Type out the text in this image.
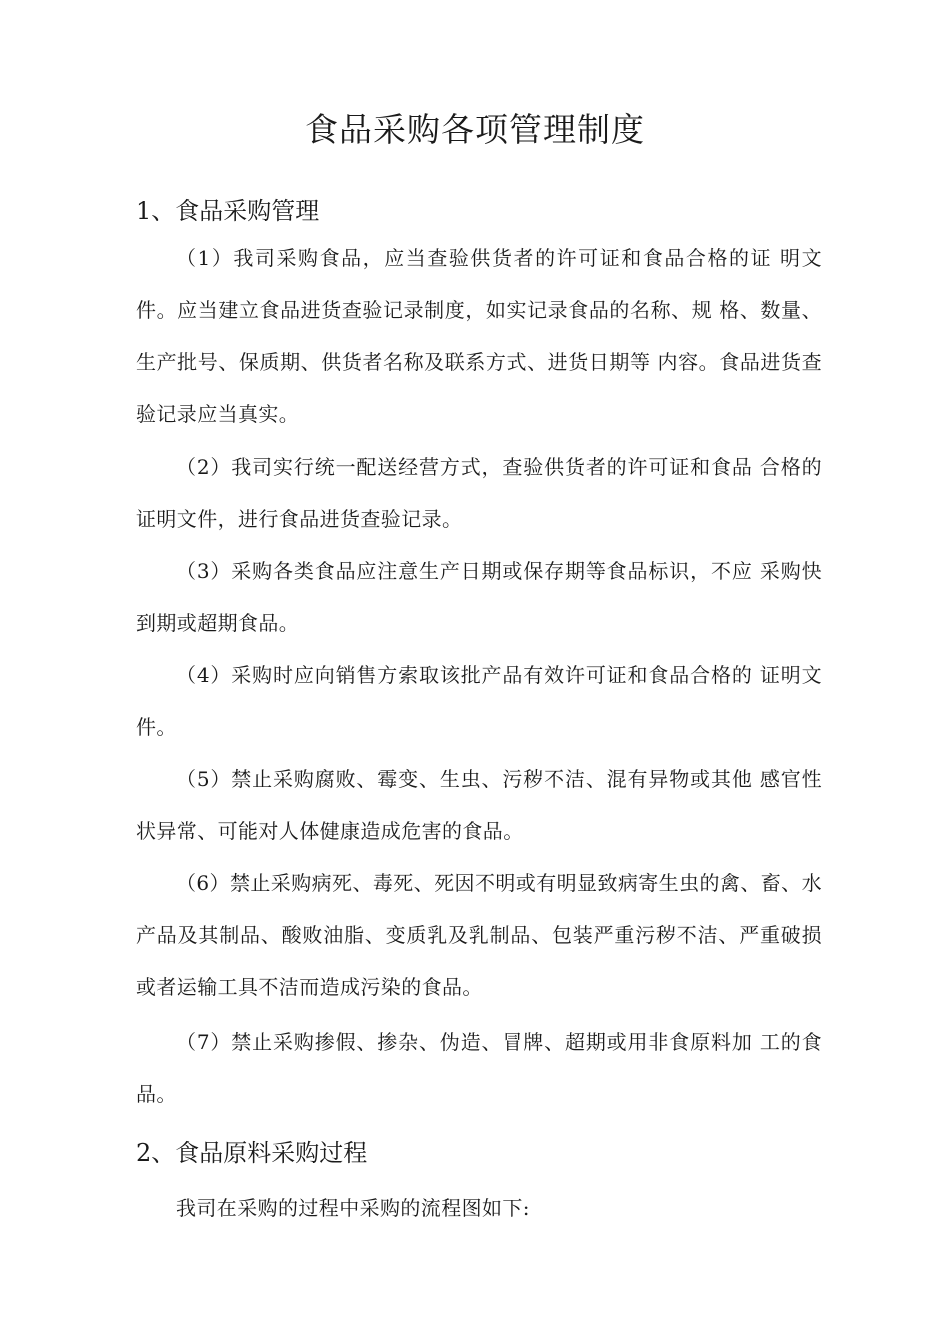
食品采购各项管理制度
1、食品采购管理

（1）我司采购食品，应当查验供货者的许可证和食品合格的证 明文件。应当建立食品进货查验记录制度，如实记录食品的名称、规 格、数量、生产批号、保质期、供货者名称及联系方式、进货日期等 内容。食品进货查验记录应当真实。

（2）我司实行统一配送经营方式，查验供货者的许可证和食品 合格的证明文件，进行食品进货查验记录。

（3）采购各类食品应注意生产日期或保存期等食品标识，不应 采购快到期或超期食品。

（4）采购时应向销售方索取该批产品有效许可证和食品合格的 证明文件。

（5）禁止采购腐败、霉变、生虫、污秽不洁、混有异物或其他 感官性状异常、可能对人体健康造成危害的食品。

（6）禁止采购病死、毒死、死因不明或有明显致病寄生虫的禽、畜、水产品及其制品、酸败油脂、变质乳及乳制品、包装严重污秽不洁、严重破损或者运输工具不洁而造成污染的食品。

（7）禁止采购掺假、掺杂、伪造、冒牌、超期或用非食原料加 工的食品。

2、食品原料采购过程

我司在采购的过程中采购的流程图如下:
